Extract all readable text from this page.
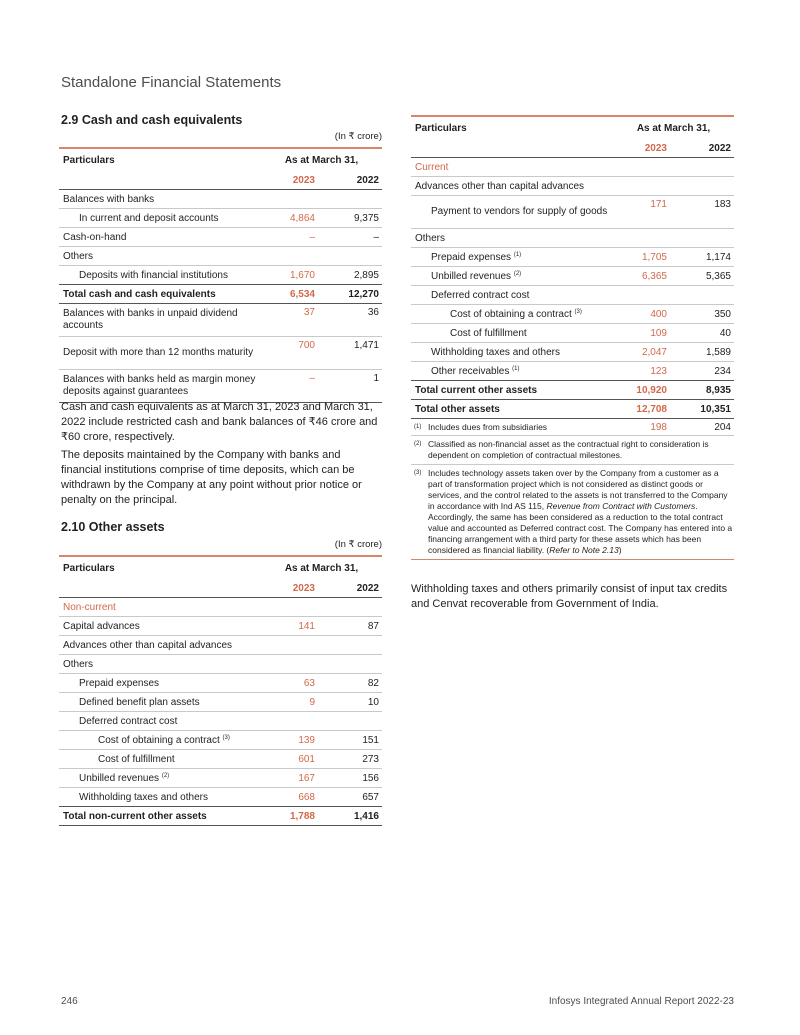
Standalone Financial Statements
2.9 Cash and cash equivalents
(In ₹ crore)
Particulars	As at March 31,	
	2023	2022
Balances with banks		
In current and deposit accounts	4,864	9,375
Cash-on-hand	–	–
Others		
Deposits with financial institutions	1,670	2,895
Total cash and cash equivalents	6,534	12,270
Balances with banks in unpaid dividend accounts	37	36
Deposit with more than 12 months maturity	700	1,471
Balances with banks held as margin money deposits against guarantees	–	1
Cash and cash equivalents as at March 31, 2023 and March 31, 2022 include restricted cash and bank balances of ₹46 crore and ₹60 crore, respectively.
The deposits maintained by the Company with banks and financial institutions comprise of time deposits, which can be withdrawn by the Company at any point without prior notice or penalty on the principal.
2.10 Other assets
(In ₹ crore)
Particulars	As at March 31,	
	2023	2022
Non-current		
Capital advances	141	87
Advances other than capital advances		
Others		
Prepaid expenses	63	82
Defined benefit plan assets	9	10
Deferred contract cost		
Cost of obtaining a contract $^{(3)}$	139	151
Cost of fulfillment	601	273
Unbilled revenues $^{(2)}$	167	156
Withholding taxes and others	668	657
Total non-current other assets	1,788	1,416
Particulars	As at March 31,	
	2023	2022
Current		
Advances other than capital advances		
Payment to vendors for supply of goods	171	183
Others		
Prepaid expenses $^{(1)}$	1,705	1,174
Unbilled revenues $^{(2)}$	6,365	5,365
Deferred contract cost		
Cost of obtaining a contract $^{(3)}$	400	350
Cost of fulfillment	109	40
Withholding taxes and others	2,047	1,589
Other receivables $^{(1)}$	123	234
Total current other assets	10,920	8,935
Total other assets	12,708	10,351
(1) Includes dues from subsidiaries	198	204
(2) Classified as non-financial asset as the contractual right to consideration is dependent on completion of contractual milestones.
(3) Includes technology assets taken over by the Company from a customer as a part of transformation project which is not considered as distinct goods or services, and the control related to the assets is not transferred to the Company in accordance with Ind AS 115, Revenue from Contract with Customers. Accordingly, the same has been considered as a reduction to the total contract value and accounted as Deferred contract cost. The Company has entered into a financing arrangement with a third party for these assets which has been considered as financial liability. (Refer to Note 2.13)
Withholding taxes and others primarily consist of input tax credits and Cenvat recoverable from Government of India.
246	Infosys Integrated Annual Report 2022-23
